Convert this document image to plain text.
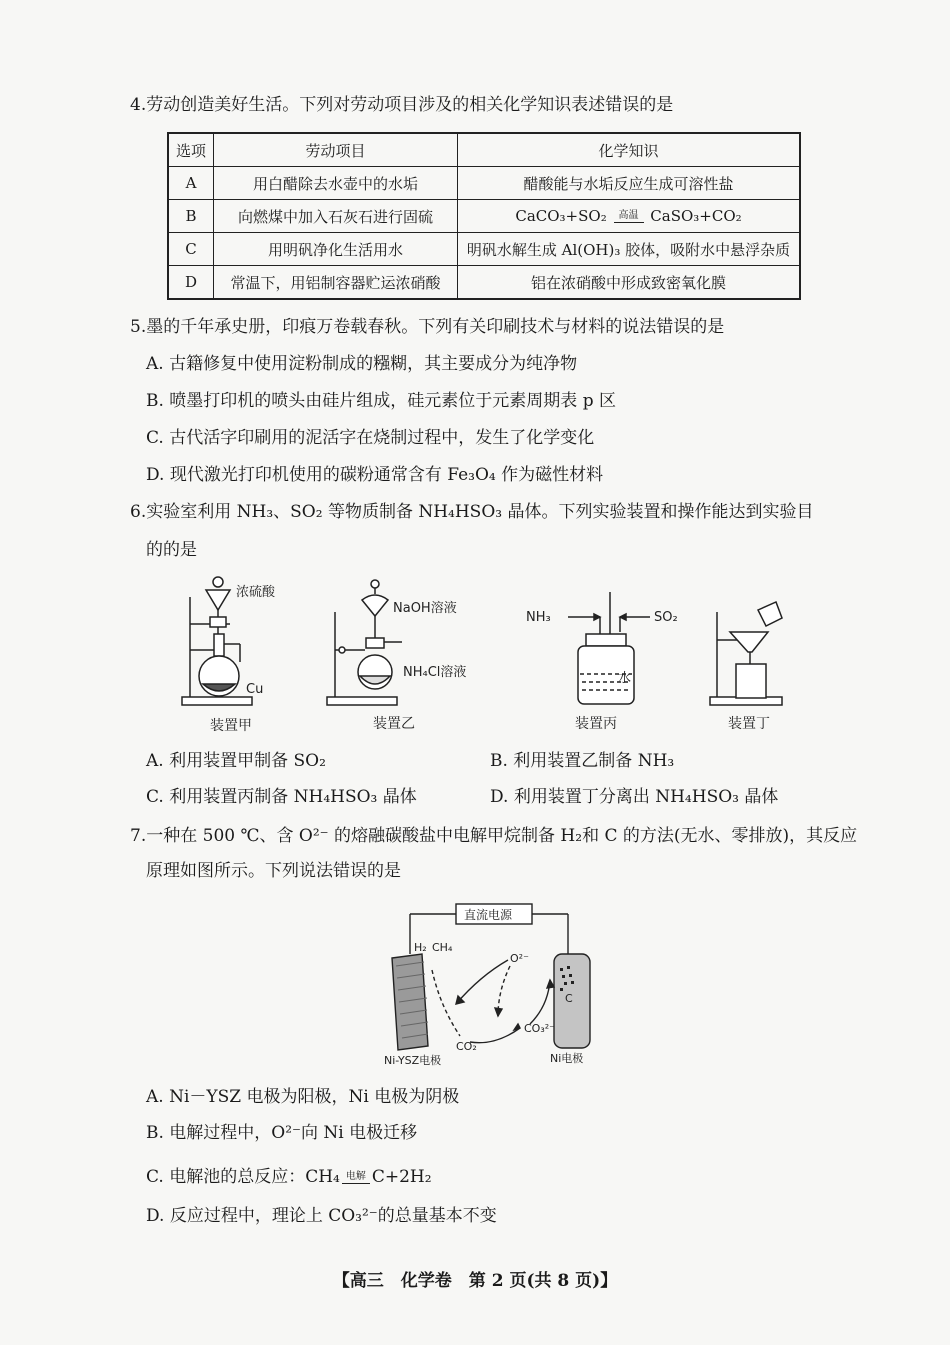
4.劳动创造美好生活。下列对劳动项目涉及的相关化学知识表述错误的是
选项	劳动项目	化学知识
A	用白醋除去水壶中的水垢	醋酸能与水垢反应生成可溶性盐
B	向燃煤中加入石灰石进行固硫	CaCO₃+SO₂ 高温 CaSO₃+CO₂
C	用明矾净化生活用水	明矾水解生成 Al(OH)₃ 胶体，吸附水中悬浮杂质
D	常温下，用铝制容器贮运浓硝酸	铝在浓硝酸中形成致密氧化膜
5.墨的千年承史册，印痕万卷载春秋。下列有关印刷技术与材料的说法错误的是
A. 古籍修复中使用淀粉制成的糨糊，其主要成分为纯净物
B. 喷墨打印机的喷头由硅片组成，硅元素位于元素周期表 p 区
C. 古代活字印刷用的泥活字在烧制过程中，发生了化学变化
D. 现代激光打印机使用的碳粉通常含有 Fe₃O₄ 作为磁性材料
6.实验室利用 NH₃、SO₂ 等物质制备 NH₄HSO₃ 晶体。下列实验装置和操作能达到实验目
的的是
浓硫酸
Cu
NaOH溶液
NH₄Cl溶液
NH₃	SO₂
水
装置甲	装置乙	装置丙	装置丁
A. 利用装置甲制备 SO₂	B. 利用装置乙制备 NH₃
C. 利用装置丙制备 NH₄HSO₃ 晶体	D. 利用装置丁分离出 NH₄HSO₃ 晶体
7.一种在 500 ℃、含 O²⁻ 的熔融碳酸盐中电解甲烷制备 H₂和 C 的方法(无水、零排放)，其反应
原理如图所示。下列说法错误的是
直流电源
H₂ CH₄
O²⁻
CO₃²⁻
CO₂
C
Ni-YSZ电极	Ni电极
A. Ni－YSZ 电极为阳极，Ni 电极为阴极
B. 电解过程中，O²⁻向 Ni 电极迁移
C. 电解池的总反应：CH₄ 电解 C+2H₂
D. 反应过程中，理论上 CO₃²⁻的总量基本不变
【高三　化学卷　第 2 页(共 8 页)】
